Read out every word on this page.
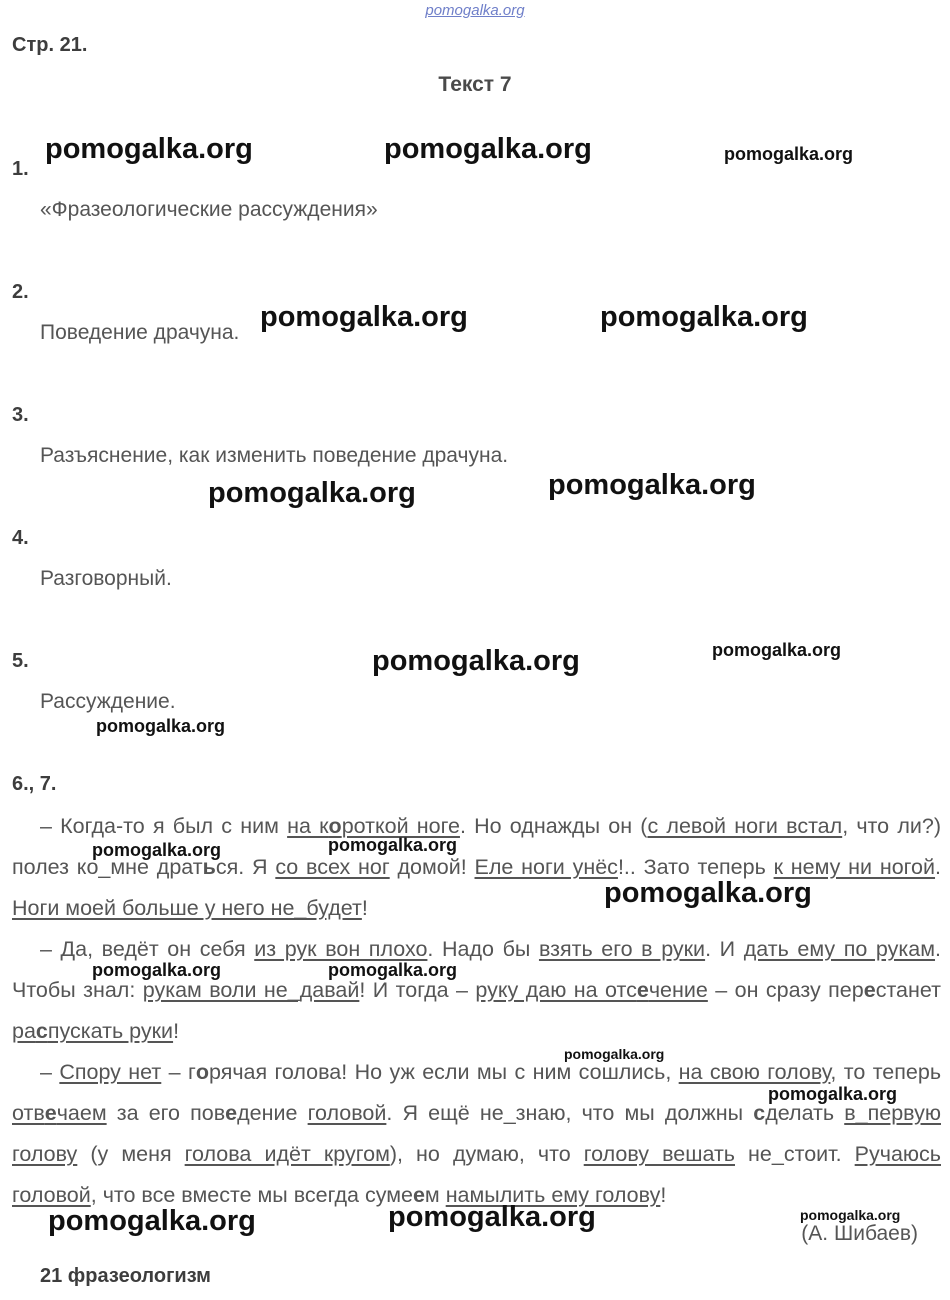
pomogalka.org
Стр. 21.
Текст 7
1.
«Фразеологические рассуждения»
2.
Поведение драчуна.
3.
Разъяснение, как изменить поведение драчуна.
4.
Разговорный.
5.
Рассуждение.
6., 7.

– Когда-то я был с ним на короткой ноге. Но однажды он (с левой ноги встал, что ли?) полез ко_мне драться. Я со всех ног домой! Еле ноги унёс!.. Зато теперь к нему ни ногой. Ноги моей больше у него не_будет!

– Да, ведёт он себя из рук вон плохо. Надо бы взять его в руки. И дать ему по рукам. Чтобы знал: рукам воли не_давай! И тогда – руку даю на отсечение – он сразу перестанет распускать руки!

– Спору нет – горячая голова! Но уж если мы с ним сошлись, на свою голову, то теперь отвечаем за его поведение головой. Я ещё не_знаю, что мы должны сделать в_первую голову (у меня голова идёт кругом), но думаю, что голову вешать не_стоит. Ручаюсь головой, что все вместе мы всегда сумеем намылить ему голову!

(А. Шибаев)
21 фразеологизм
pomogalka.org	pomogalka.org	pomogalka.org
pomogalka.org	pomogalka.org
pomogalka.org	pomogalka.org
pomogalka.org	pomogalka.org
pomogalka.org
pomogalka.org	pomogalka.org
pomogalka.org
pomogalka.org	pomogalka.org
pomogalka.org
pomogalka.org
pomogalka.org	pomogalka.org	pomogalka.org
